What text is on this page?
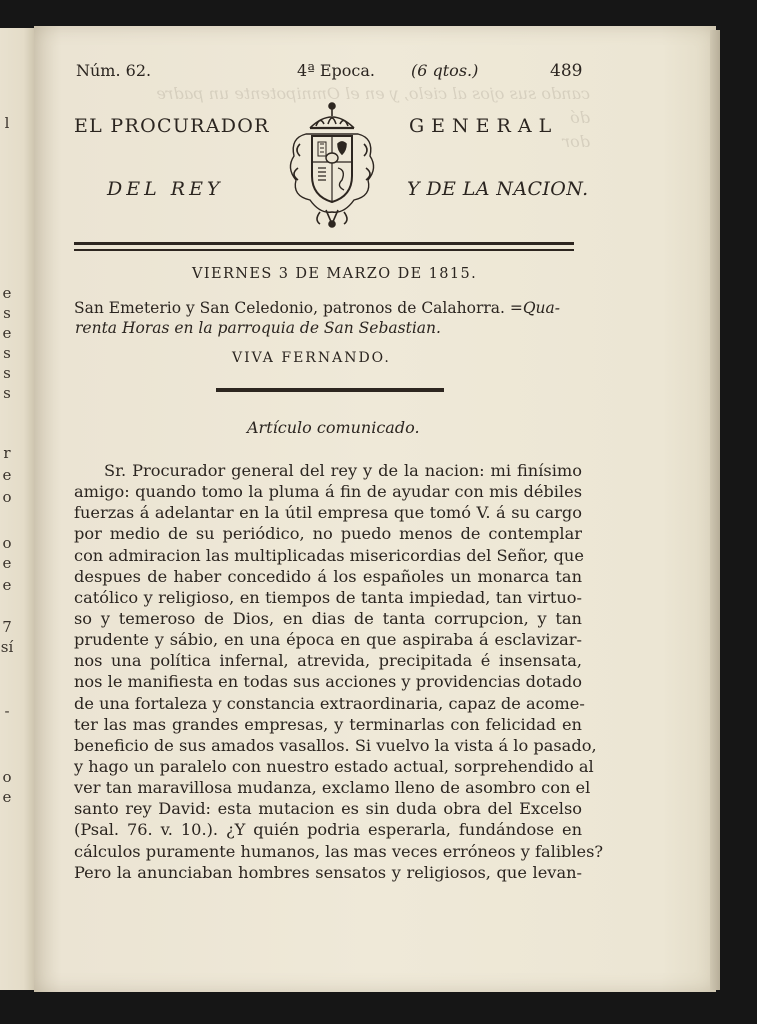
l
e
s
e
s
s
s
r
e
o
o
e
e
7
sí
-
o
e
Núm. 62.	4ª Epoca. (6 qtos.)	489
EL PROCURADOR	GENERAL
DEL REY	Y DE LA NACION.
VIERNES 3 DE MARZO DE 1815.
San Emeterio y San Celedonio, patronos de Calahorra. =Qua-
renta Horas en la parroquia de San Sebastian.
VIVA FERNANDO.
Artículo comunicado.
Sr. Procurador general del rey y de la nacion: mi finísimo
amigo: quando tomo la pluma á fin de ayudar con mis débiles
fuerzas á adelantar en la útil empresa que tomó V. á su cargo
por medio de su periódico, no puedo menos de contemplar
con admiracion las multiplicadas misericordias del Señor, que
despues de haber concedido á los españoles un monarca tan
católico y religioso, en tiempos de tanta impiedad, tan virtuo-
so y temeroso de Dios, en dias de tanta corrupcion, y tan
prudente y sábio, en una época en que aspiraba á esclavizar-
nos una política infernal, atrevida, precipitada é insensata,
nos le manifiesta en todas sus acciones y providencias dotado
de una fortaleza y constancia extraordinaria, capaz de acome-
ter las mas grandes empresas, y terminarlas con felicidad en
beneficio de sus amados vasallos. Si vuelvo la vista á lo pasado,
y hago un paralelo con nuestro estado actual, sorprehendido al
ver tan maravillosa mudanza, exclamo lleno de asombro con el
santo rey David: esta mutacion es sin duda obra del Excelso
(Psal. 76. v. 10.). ¿Y quién podria esperarla, fundándose en
cálculos puramente humanos, las mas veces erróneos y falibles?
Pero la anunciaban hombres sensatos y religiosos, que levan-
